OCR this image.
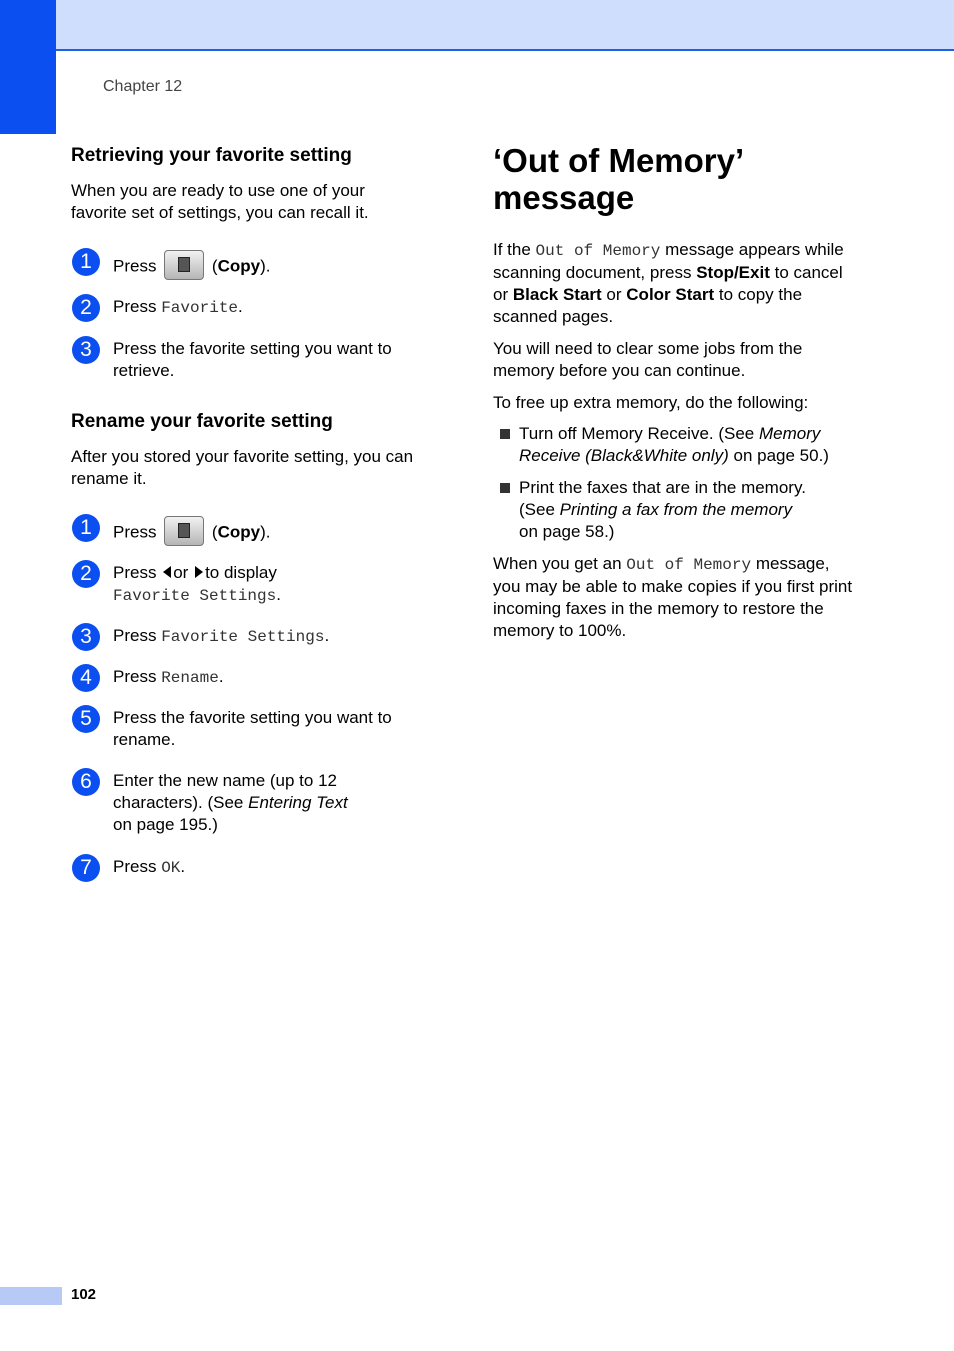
Chapter 12
Retrieving your favorite setting
When you are ready to use one of your favorite set of settings, you can recall it.
1	Press	(Copy).
2	Press Favorite.
3	Press the favorite setting you want to retrieve.
Rename your favorite setting
After you stored your favorite setting, you can rename it.
1	Press	(Copy).
2	Press or to display
Favorite Settings.
3	Press Favorite Settings.
4	Press Rename.
5	Press the favorite setting you want to rename.
6	Enter the new name (up to 12 characters). (See Entering Text
on page 195.)
7	Press OK.
‘Out of Memory’ message
If the Out of Memory message appears while scanning document, press Stop/Exit to cancel or Black Start or Color Start to copy the scanned pages.
You will need to clear some jobs from the memory before you can continue.
To free up extra memory, do the following:
Turn off Memory Receive. (See Memory Receive (Black&White only) on page 50.)
Print the faxes that are in the memory. (See Printing a fax from the memory
on page 58.)
When you get an Out of Memory message, you may be able to make copies if you first print incoming faxes in the memory to restore the memory to 100%.
102
